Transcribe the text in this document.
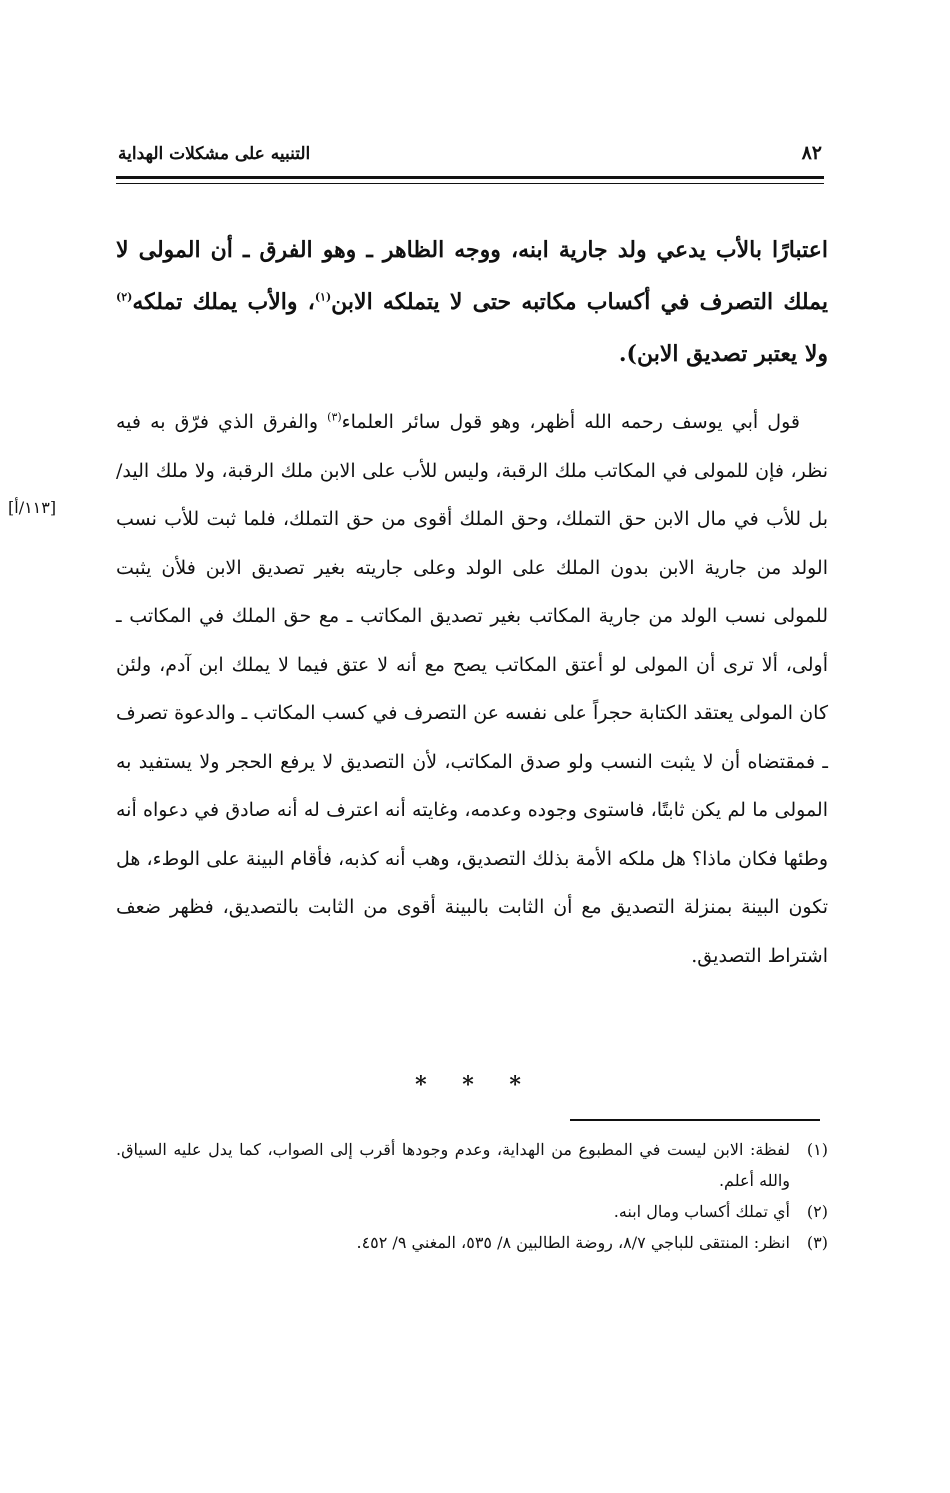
٨٢
التنبيه على مشكلات الهداية

اعتبارًا بالأب يدعي ولد جارية ابنه، ووجه الظاهر ـ وهو الفرق ـ أن المولى لا يملك التصرف في أكساب مكاتبه حتى لا يتملكه الابن$^{(١)}$، والأب يملك تملكه$^{(٢)}$ ولا يعتبر تصديق الابن).

قول أبي يوسف رحمه الله أظهر، وهو قول سائر العلماء$^{(٣)}$ والفرق الذي فرّق به فيه نظر، فإن للمولى في المكاتب ملك الرقبة، وليس للأب على الابن ملك الرقبة، ولا ملك اليد/ بل للأب في مال الابن حق التملك، وحق الملك أقوى من حق التملك، فلما ثبت للأب نسب الولد من جارية الابن بدون الملك على الولد وعلى جاريته بغير تصديق الابن فلأن يثبت للمولى نسب الولد من جارية المكاتب بغير تصديق المكاتب ـ مع حق الملك في المكاتب ـ أولى، ألا ترى أن المولى لو أعتق المكاتب يصح مع أنه لا عتق فيما لا يملك ابن آدم، ولئن كان المولى يعتقد الكتابة حجراً على نفسه عن التصرف في كسب المكاتب ـ والدعوة تصرف ـ فمقتضاه أن لا يثبت النسب ولو صدق المكاتب، لأن التصديق لا يرفع الحجر ولا يستفيد به المولى ما لم يكن ثابتًا، فاستوى وجوده وعدمه، وغايته أنه اعترف له أنه صادق في دعواه أنه وطئها فكان ماذا؟ هل ملكه الأمة بذلك التصديق، وهب أنه كذبه، فأقام البينة على الوطء، هل تكون البينة بمنزلة التصديق مع أن الثابت بالبينة أقوى من الثابت بالتصديق، فظهر ضعف اشتراط التصديق.

[١١٣/أ]
* * *

(١)
لفظة: الابن ليست في المطبوع من الهداية، وعدم وجودها أقرب إلى الصواب، كما يدل عليه السياق. والله أعلم.

(٢)
أي تملك أكساب ومال ابنه.

(٣)
انظر: المنتقى للباجي ٨/٧، روضة الطالبين ٨/ ٥٣٥، المغني ٩/ ٤٥٢.
